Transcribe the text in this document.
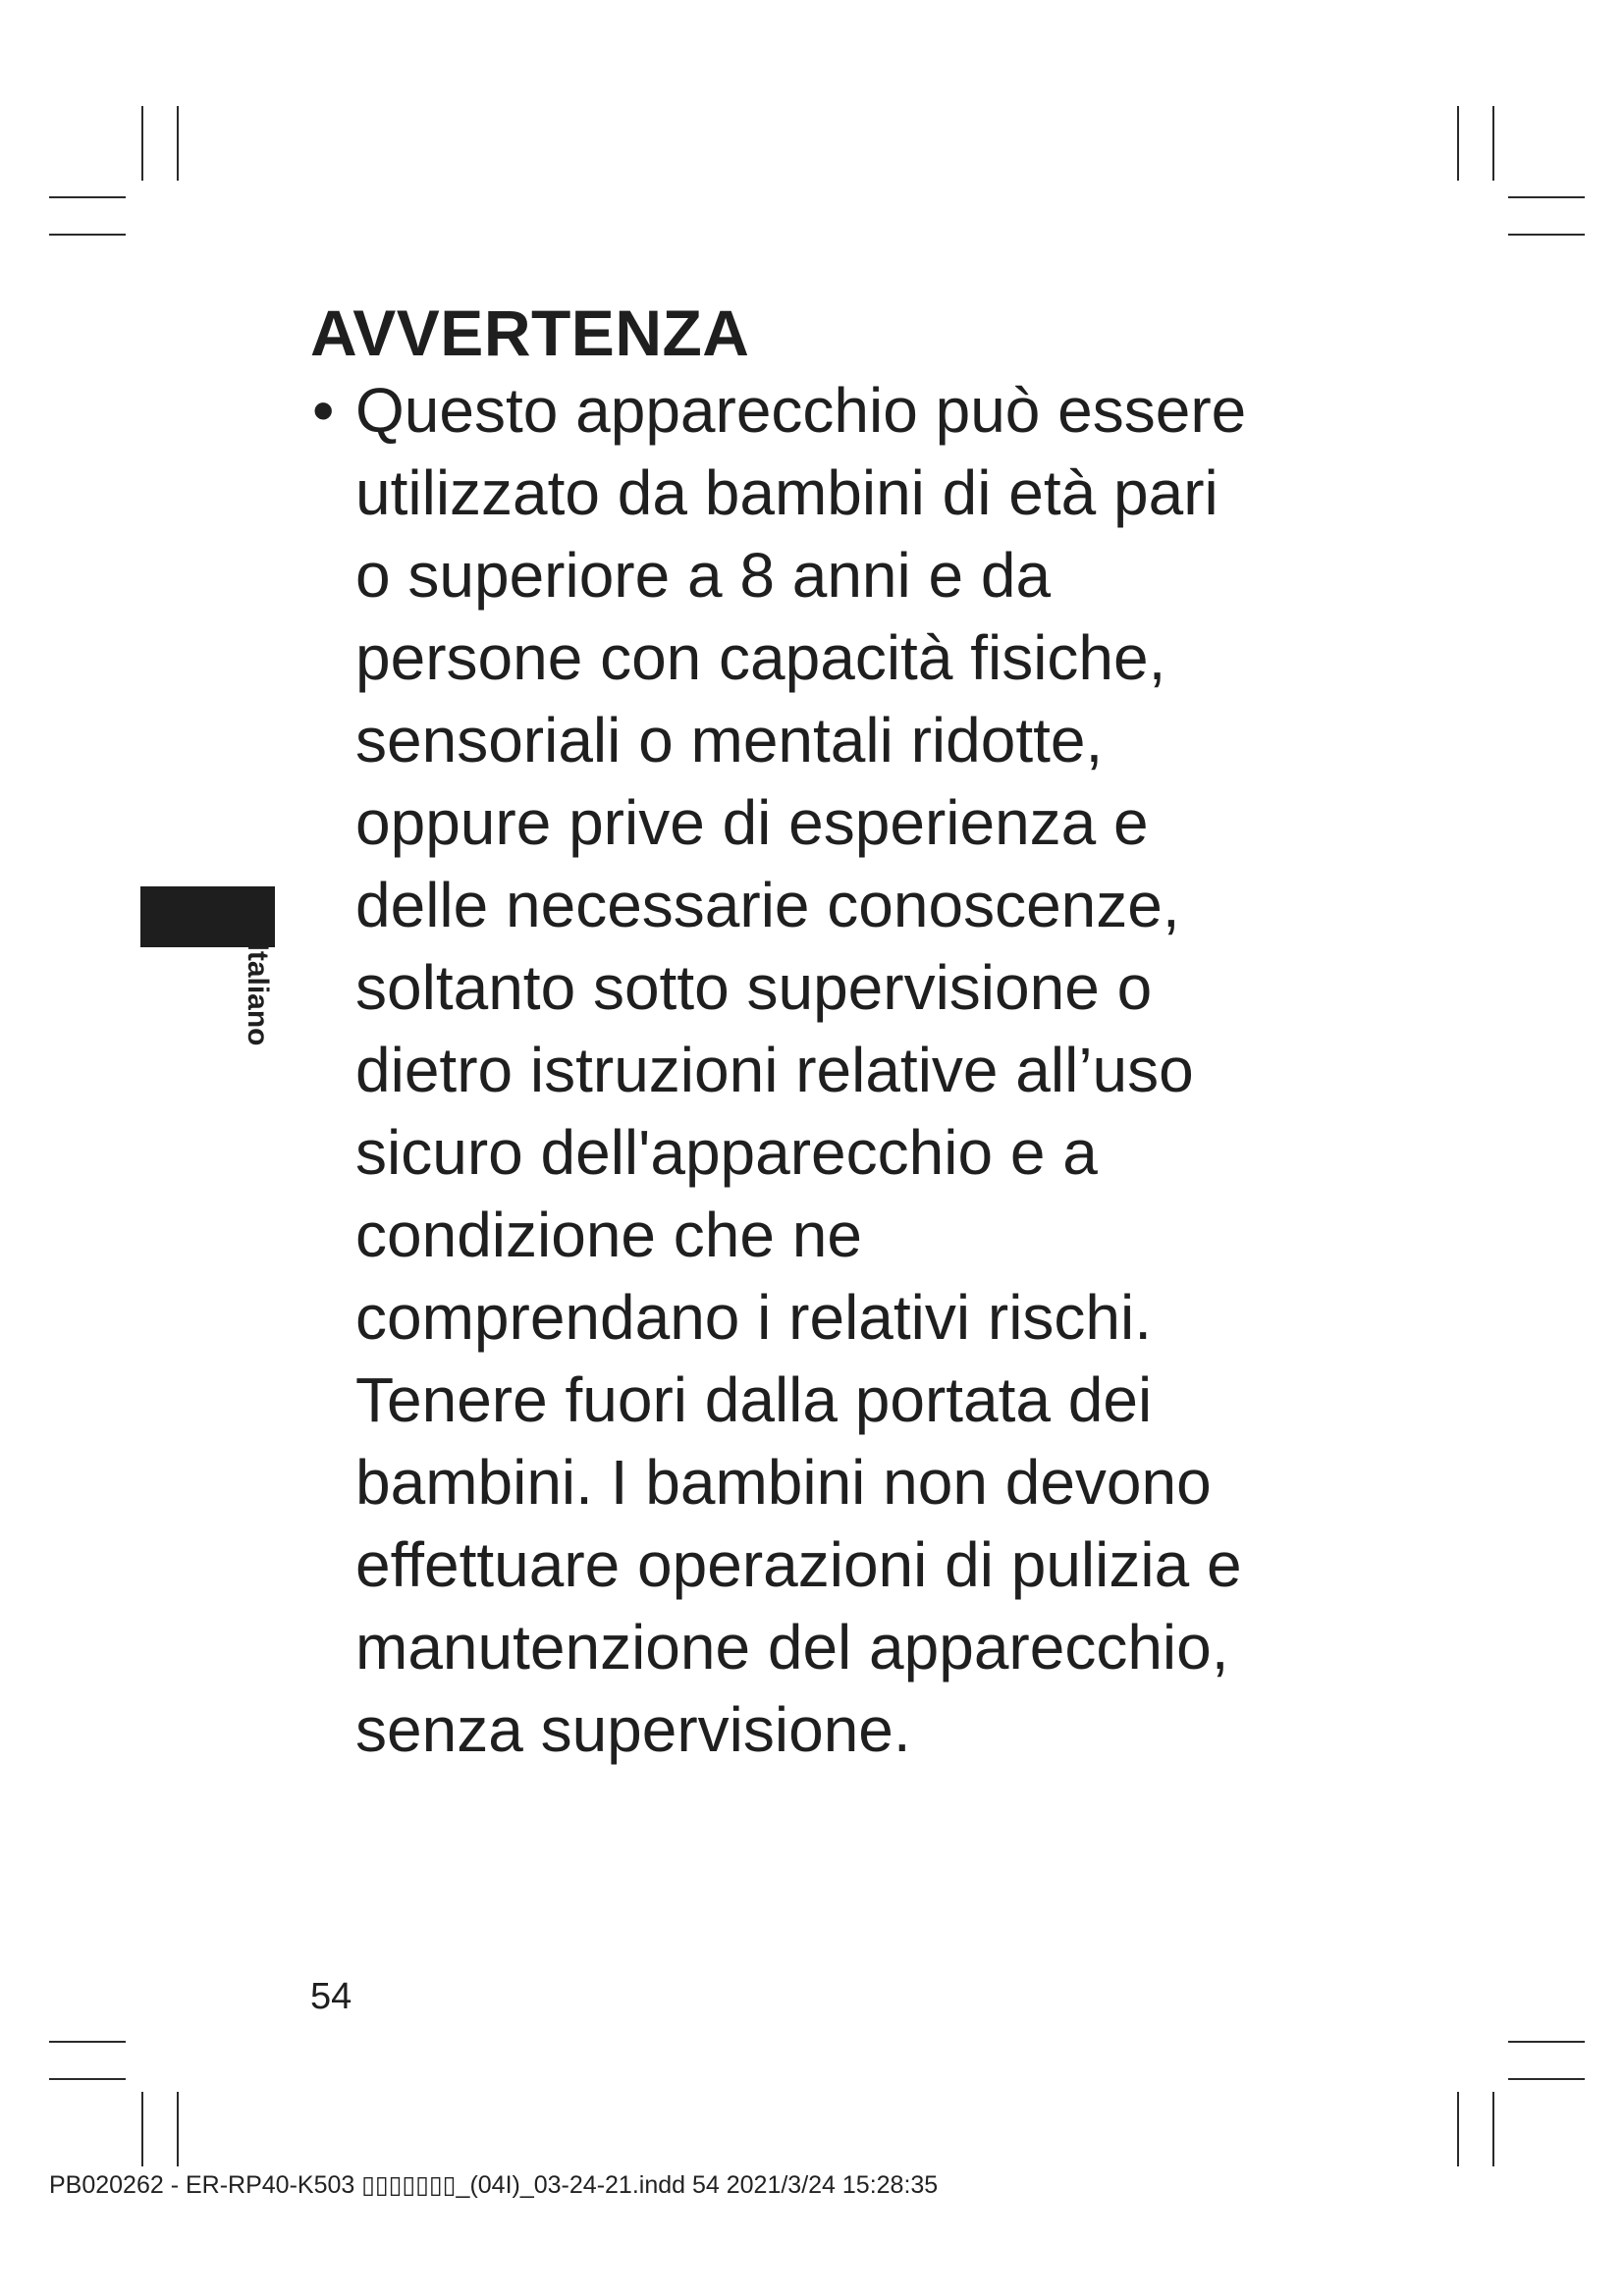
AVVERTENZA
• Questo apparecchio può essere
utilizzato da bambini di età pari
o superiore a 8 anni e da
persone con capacità fisiche,
sensoriali o mentali ridotte,
oppure prive di esperienza e
delle necessarie conoscenze,
soltanto sotto supervisione o
dietro istruzioni relative all’uso
sicuro dell'apparecchio e a
condizione che ne
comprendano i relativi rischi.
Tenere fuori dalla portata dei
bambini. I bambini non devono
effettuare operazioni di pulizia e
manutenzione del apparecchio,
senza supervisione.
Italiano
54
PB020262 - ER-RP40-K503 ▯▯▯▯▯▯▯_(04I)_03-24-21.indd 54 2021/3/24 15:28:35
